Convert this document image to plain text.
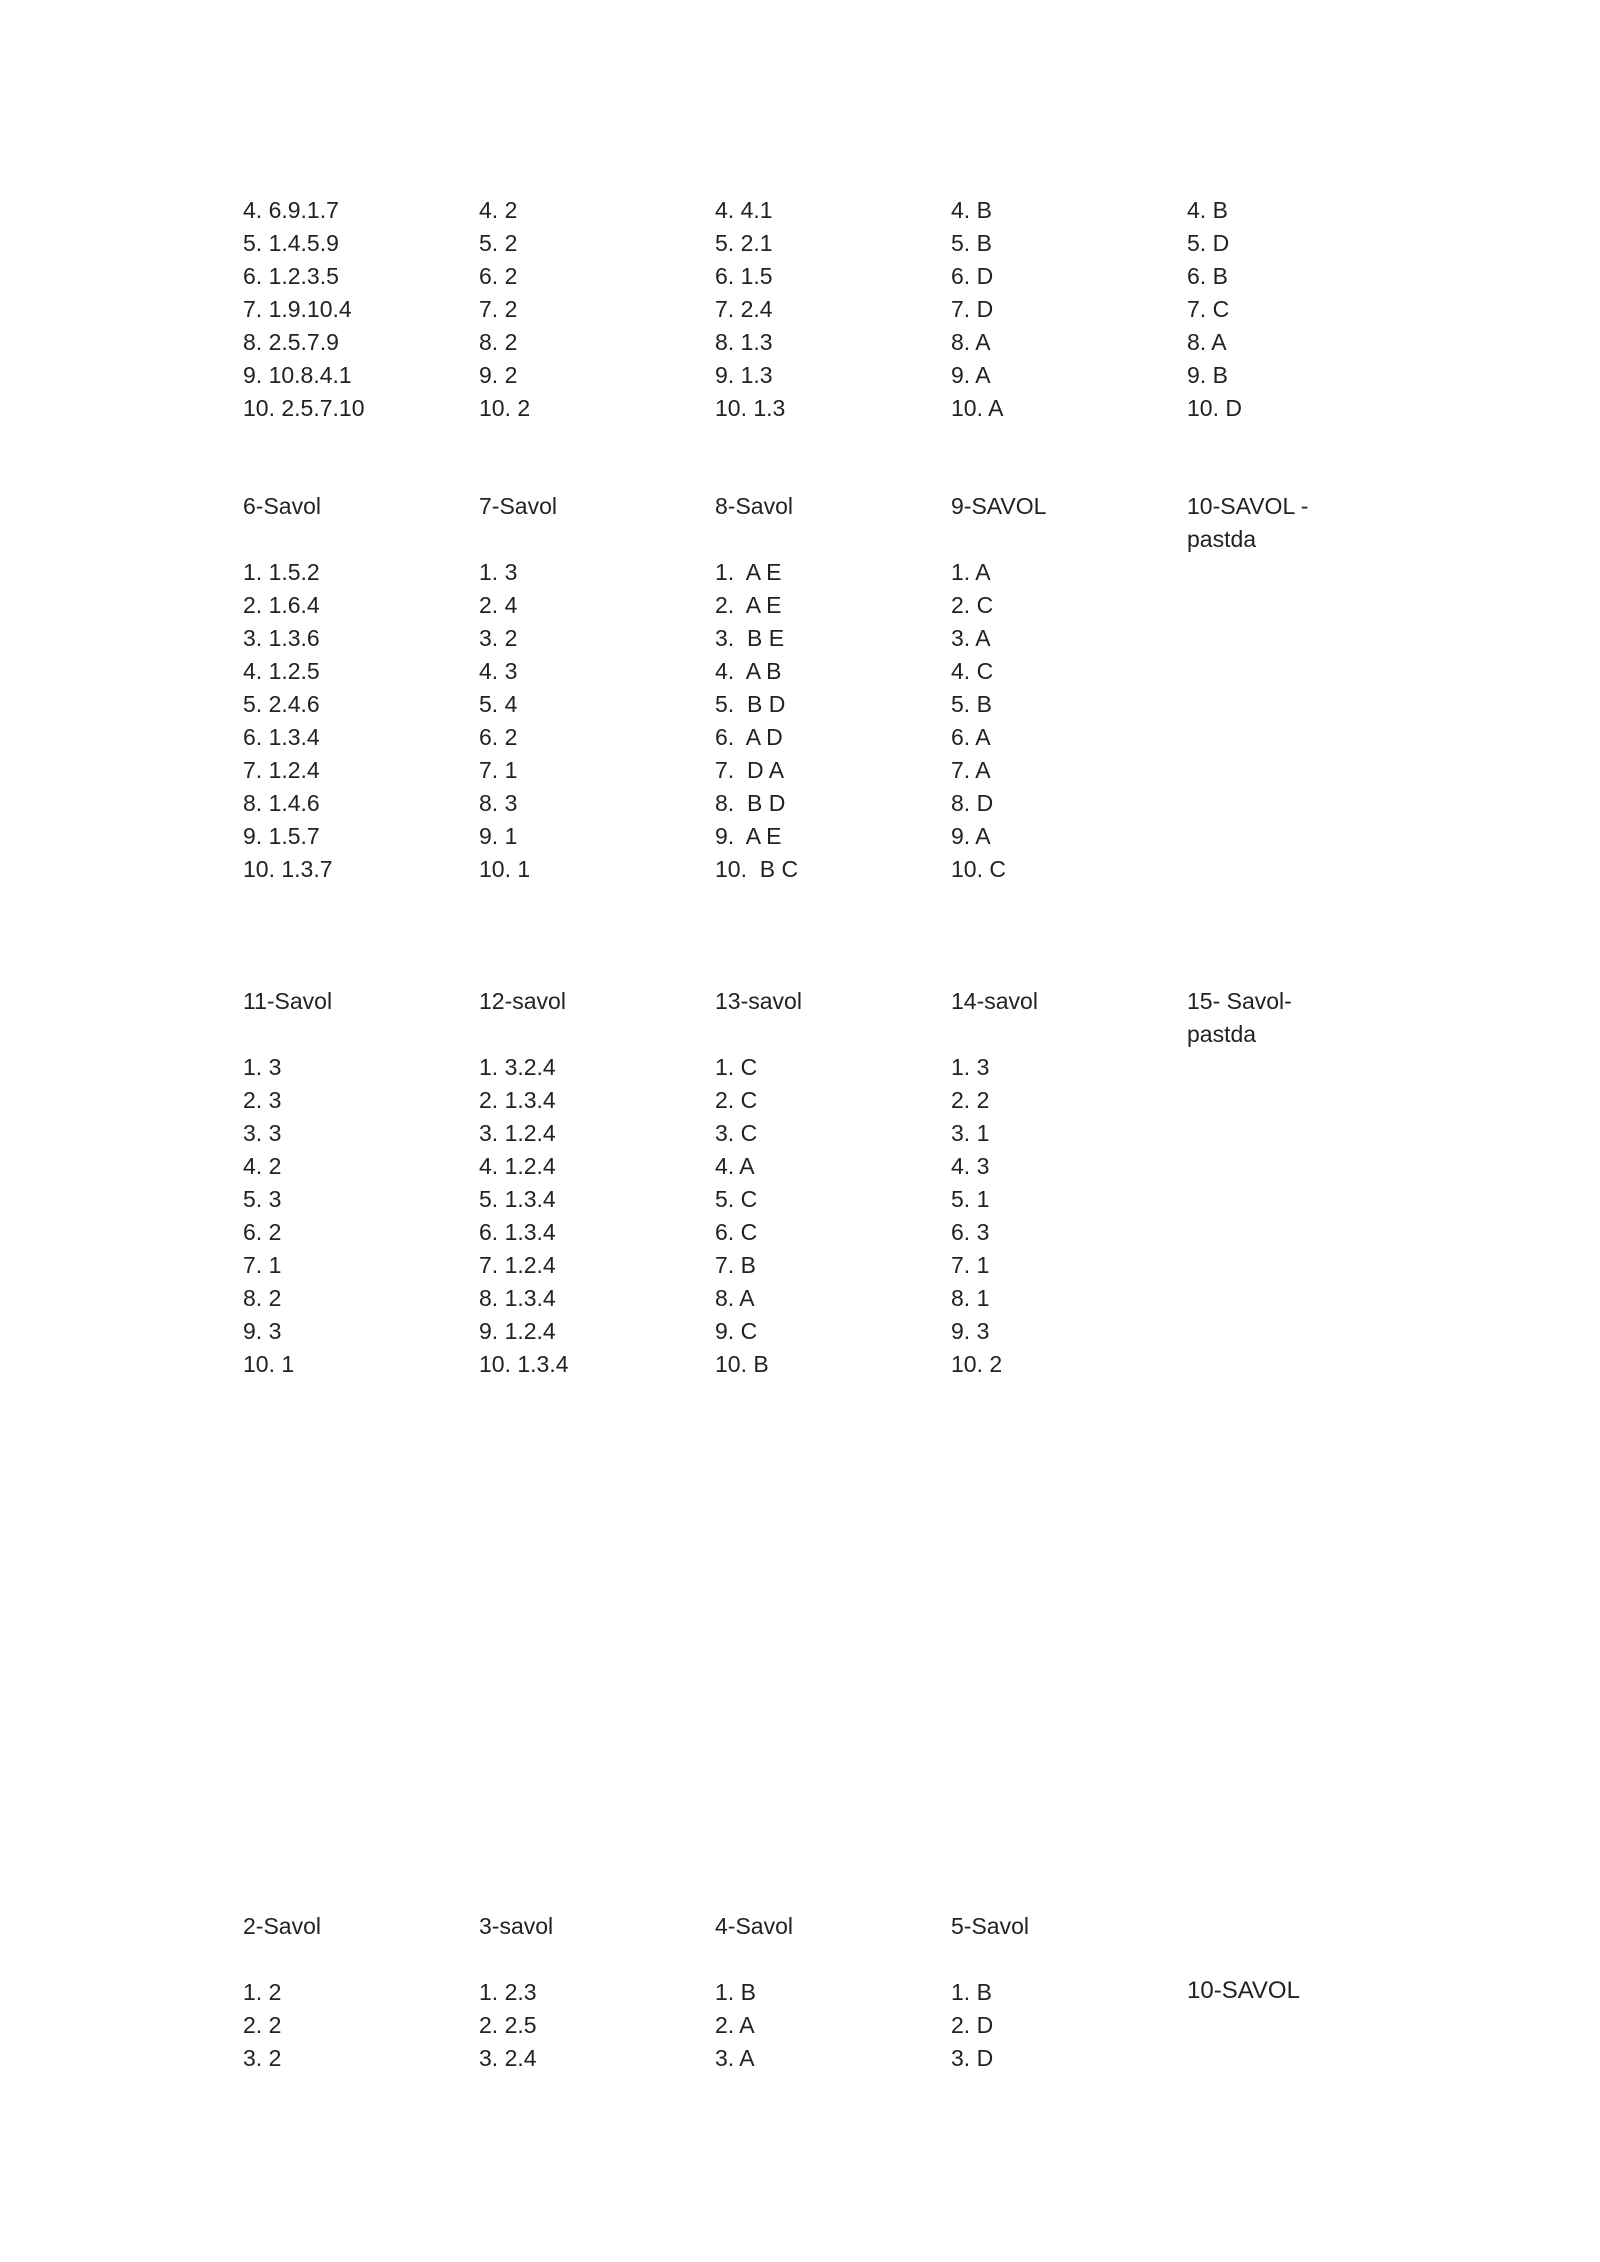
4. 6.9.1.7
5. 1.4.5.9
6. 1.2.3.5
7. 1.9.10.4
8. 2.5.7.9
9. 10.8.4.1
10. 2.5.7.10
4. 2
5. 2
6. 2
7. 2
8. 2
9. 2
10. 2
4. 4.1
5. 2.1
6. 1.5
7. 2.4
8. 1.3
9. 1.3
10. 1.3
4. B
5. B
6. D
7. D
8. A
9. A
10. A
4. B
5. D
6. B
7. C
8. A
9. B
10. D
6-Savol
1. 1.5.2
2. 1.6.4
3. 1.3.6
4. 1.2.5
5. 2.4.6
6. 1.3.4
7. 1.2.4
8. 1.4.6
9. 1.5.7
10. 1.3.7
7-Savol
1. 3
2. 4
3. 2
4. 3
5. 4
6. 2
7. 1
8. 3
9. 1
10. 1
8-Savol
1.  A E
2.  A E
3.  B E
4.  A B
5.  B D
6.  A D
7.  D A
8.  B D
9.  A E
10.  B C
9-SAVOL
1. A
2. C
3. A
4. C
5. B
6. A
7. A
8. D
9. A
10. C
10-SAVOL -
pastda
11-Savol
1. 3
2. 3
3. 3
4. 2
5. 3
6. 2
7. 1
8. 2
9. 3
10. 1
12-savol
1. 3.2.4
2. 1.3.4
3. 1.2.4
4. 1.2.4
5. 1.3.4
6. 1.3.4
7. 1.2.4
8. 1.3.4
9. 1.2.4
10. 1.3.4
13-savol
1. C
2. C
3. C
4. A
5. C
6. C
7. B
8. A
9. C
10. B
14-savol
1. 3
2. 2
3. 1
4. 3
5. 1
6. 3
7. 1
8. 1
9. 3
10. 2
15- Savol-
pastda
10-SAVOL
2-Savol
1. 2
2. 2
3. 2
3-savol
1. 2.3
2. 2.5
3. 2.4
4-Savol
1. B
2. A
3. A
5-Savol
1. B
2. D
3. D
